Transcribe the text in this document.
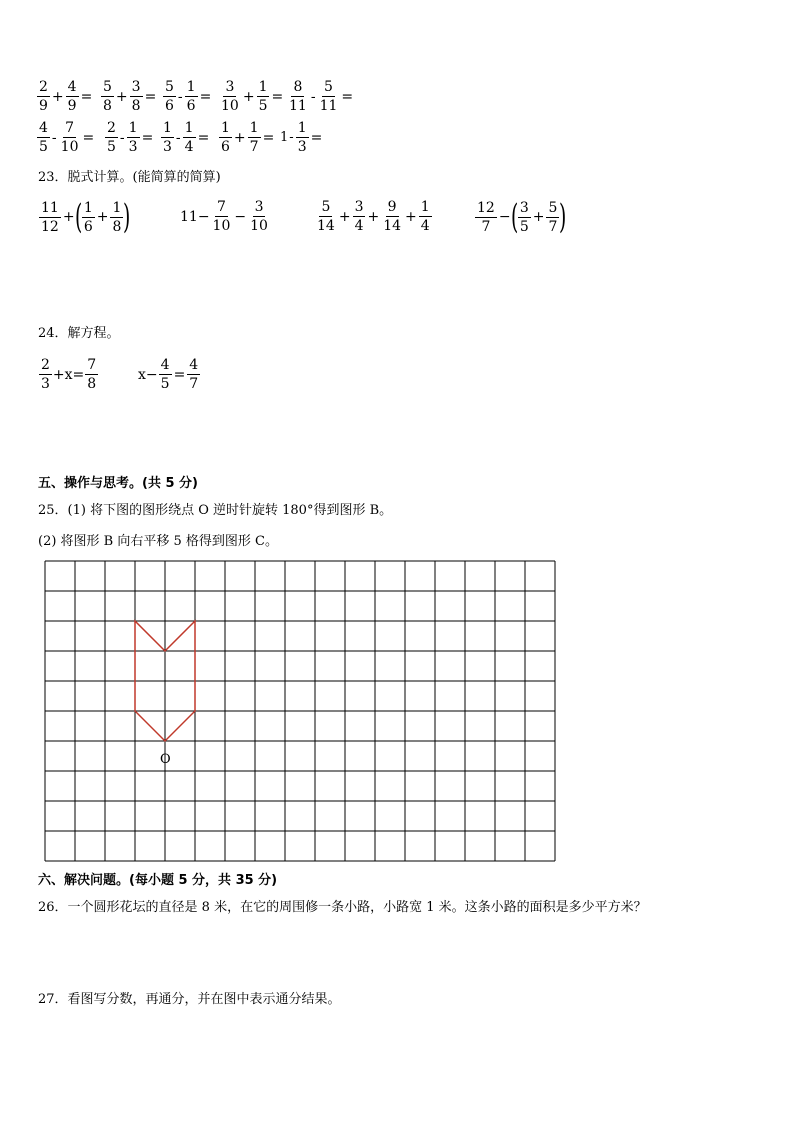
$\frac{2}{9} + \frac{4}{9} = \frac{5}{8} + \frac{3}{8} = \frac{5}{6} - \frac{1}{6} = \frac{3}{10} + \frac{1}{5} = \frac{8}{11} - \frac{5}{11}$ =
$\frac{4}{5} - \frac{7}{10} = \frac{2}{5} - \frac{1}{3} = \frac{1}{3} - \frac{1}{4} = \frac{1}{6} + \frac{1}{7} = 1 - \frac{1}{3}$ =
23．脱式计算。(能简算的简算)
$\frac{11}{12}$ + ( $\frac{1}{6} + \frac{1}{8}$ )	$11- \frac{7}{10} - \frac{3}{10}$	$\frac{5}{14} + \frac{3}{4} + \frac{9}{14} + \frac{1}{4}$	$\frac{12}{7}$ − ( $\frac{3}{5} + \frac{5}{7}$ )
24．解方程。
$\frac{2}{3} +x= \frac{7}{8}$	$x- \frac{4}{5} = \frac{4}{7}$
五、操作与思考。(共 5 分)
25．(1) 将下图的图形绕点 O 逆时针旋转 180°得到图形 B。
(2) 将图形 B 向右平移 5 格得到图形 C。
O
六、解决问题。(每小题 5 分，共 35 分)
26．一个圆形花坛的直径是 8 米，在它的周围修一条小路，小路宽 1 米。这条小路的面积是多少平方米？
27．看图写分数，再通分，并在图中表示通分结果。
